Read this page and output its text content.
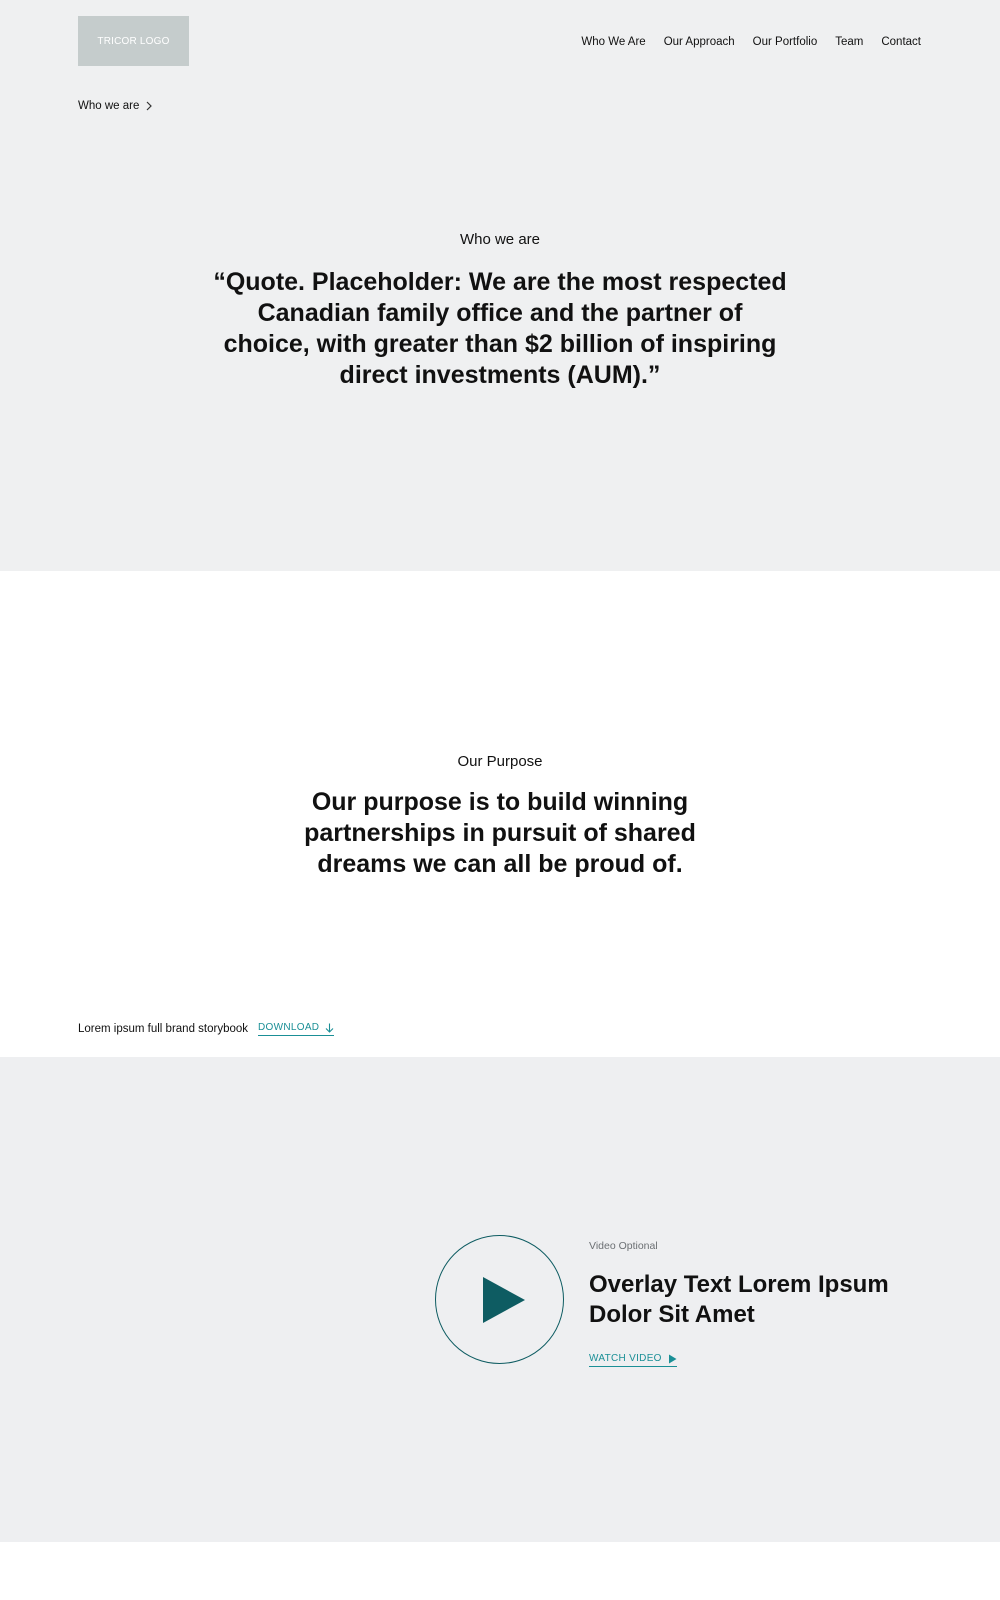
TRICOR LOGO	Who We Are Our Approach Our Portfolio Team Contact
Who we are
Who we are
“Quote. Placeholder: We are the most respected
Canadian family office and the partner of
choice, with greater than $2 billion of inspiring
direct investments (AUM).”
Our Purpose
Our purpose is to build winning
partnerships in pursuit of shared
dreams we can all be proud of.
Lorem ipsum full brand storybook DOWNLOAD
Video Optional
Overlay Text Lorem Ipsum
Dolor Sit Amet
WATCH VIDEO
